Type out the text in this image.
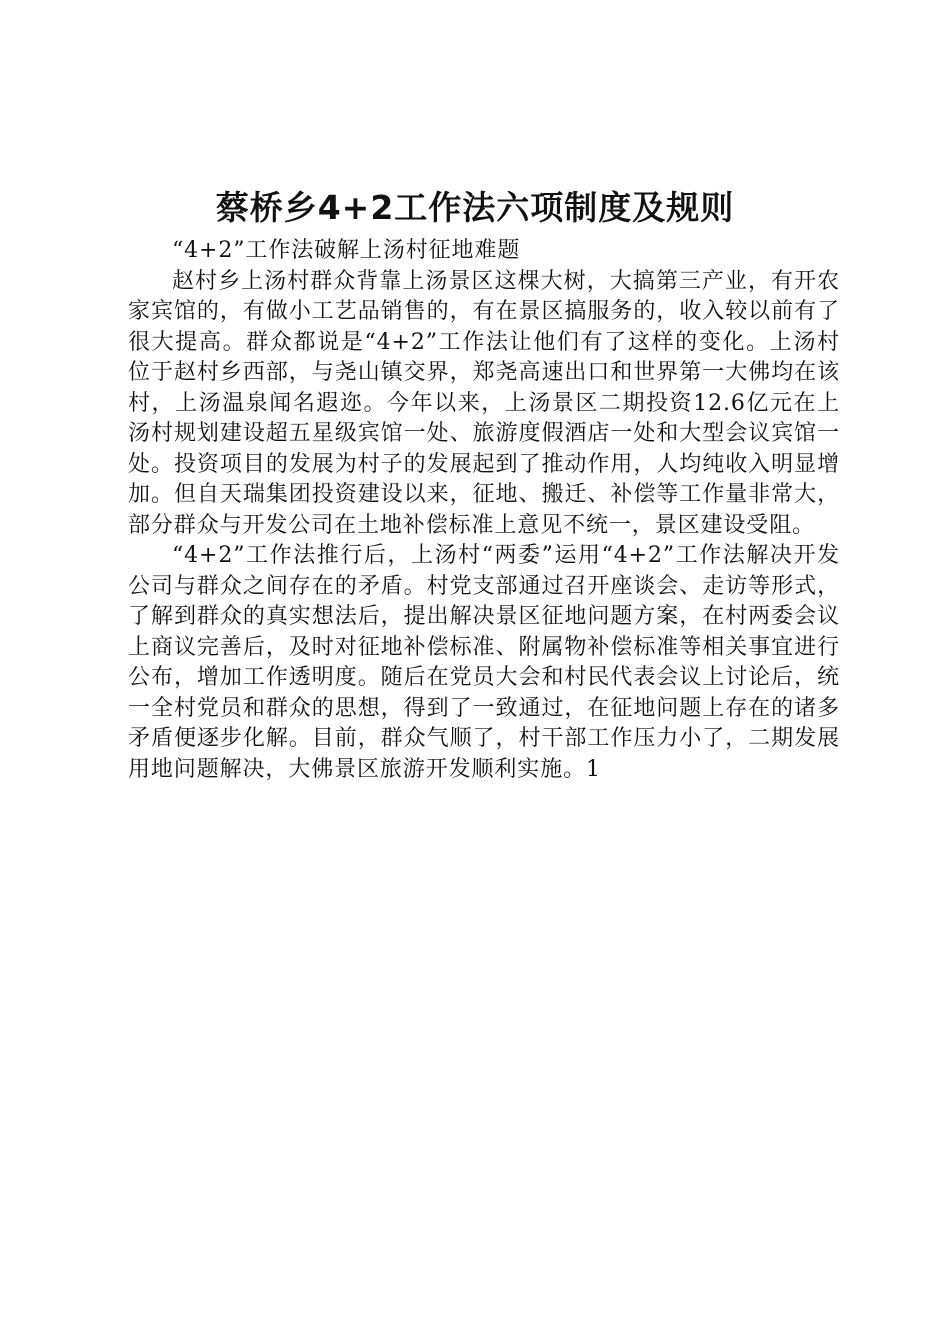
蔡桥乡4+2工作法六项制度及规则

“4+2”工作法破解上汤村征地难题

赵村乡上汤村群众背靠上汤景区这棵大树，大搞第三产业，有开农家宾馆的，有做小工艺品销售的，有在景区搞服务的，收入较以前有了很大提高。群众都说是“4+2”工作法让他们有了这样的变化。上汤村位于赵村乡西部，与尧山镇交界，郑尧高速出口和世界第一大佛均在该村，上汤温泉闻名遐迩。今年以来，上汤景区二期投资12.6亿元在上汤村规划建设超五星级宾馆一处、旅游度假酒店一处和大型会议宾馆一处。投资项目的发展为村子的发展起到了推动作用，人均纯收入明显增加。但自天瑞集团投资建设以来，征地、搬迁、补偿等工作量非常大，部分群众与开发公司在土地补偿标准上意见不统一，景区建设受阻。

“4+2”工作法推行后，上汤村“两委”运用“4+2”工作法解决开发公司与群众之间存在的矛盾。村党支部通过召开座谈会、走访等形式，了解到群众的真实想法后，提出解决景区征地问题方案，在村两委会议上商议完善后，及时对征地补偿标准、附属物补偿标准等相关事宜进行公布，增加工作透明度。随后在党员大会和村民代表会议上讨论后，统一全村党员和群众的思想，得到了一致通过，在征地问题上存在的诸多矛盾便逐步化解。目前，群众气顺了，村干部工作压力小了，二期发展用地问题解决，大佛景区旅游开发顺利实施。1
